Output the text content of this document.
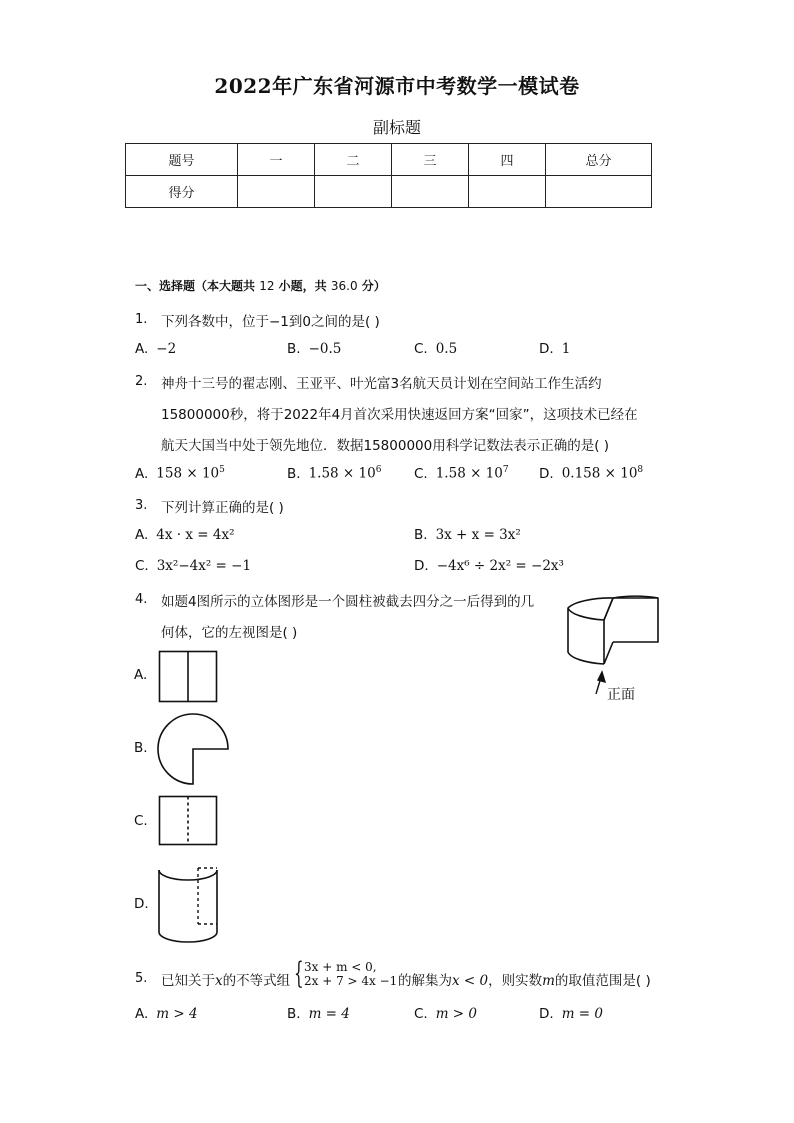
2022年广东省河源市中考数学一模试卷
副标题
题号	一	二	三	四	总分
得分					
一、选择题（本大题共 12 小题，共 36.0 分）
1. 下列各数中，位于−1到0之间的是( )
A. −2	B. −0.5	C. 0.5	D. 1
2. 神舟十三号的翟志刚、王亚平、叶光富3名航天员计划在空间站工作生活约
15800000秒，将于2022年4月首次采用快速返回方案“回家”，这项技术已经在
航天大国当中处于领先地位．数据15800000用科学记数法表示正确的是( )
A. $158 \times 10^5$	B. $1.58 \times 10^6$ C. $1.58 \times 10^7$ D. $0.158 \times 10^8$
3. 下列计算正确的是( )
A. 4x · x = 4x²	B. 3x + x = 3x²
C. 3x²−4x² = −1	D. −4x⁶ ÷ 2x² = −2x³
4. 如题4图所示的立体图形是一个圆柱被截去四分之一后得到的几
何体，它的左视图是( )
正面
A.
B.
C.
D.
5. 已知关于x的不等式组 { 3x + m < 0,
2x + 7 > 4x −1 的解集为x < 0，则实数m的取值范围是( )
A. m > 4	B. m = 4	C. m > 0	D. m = 0
